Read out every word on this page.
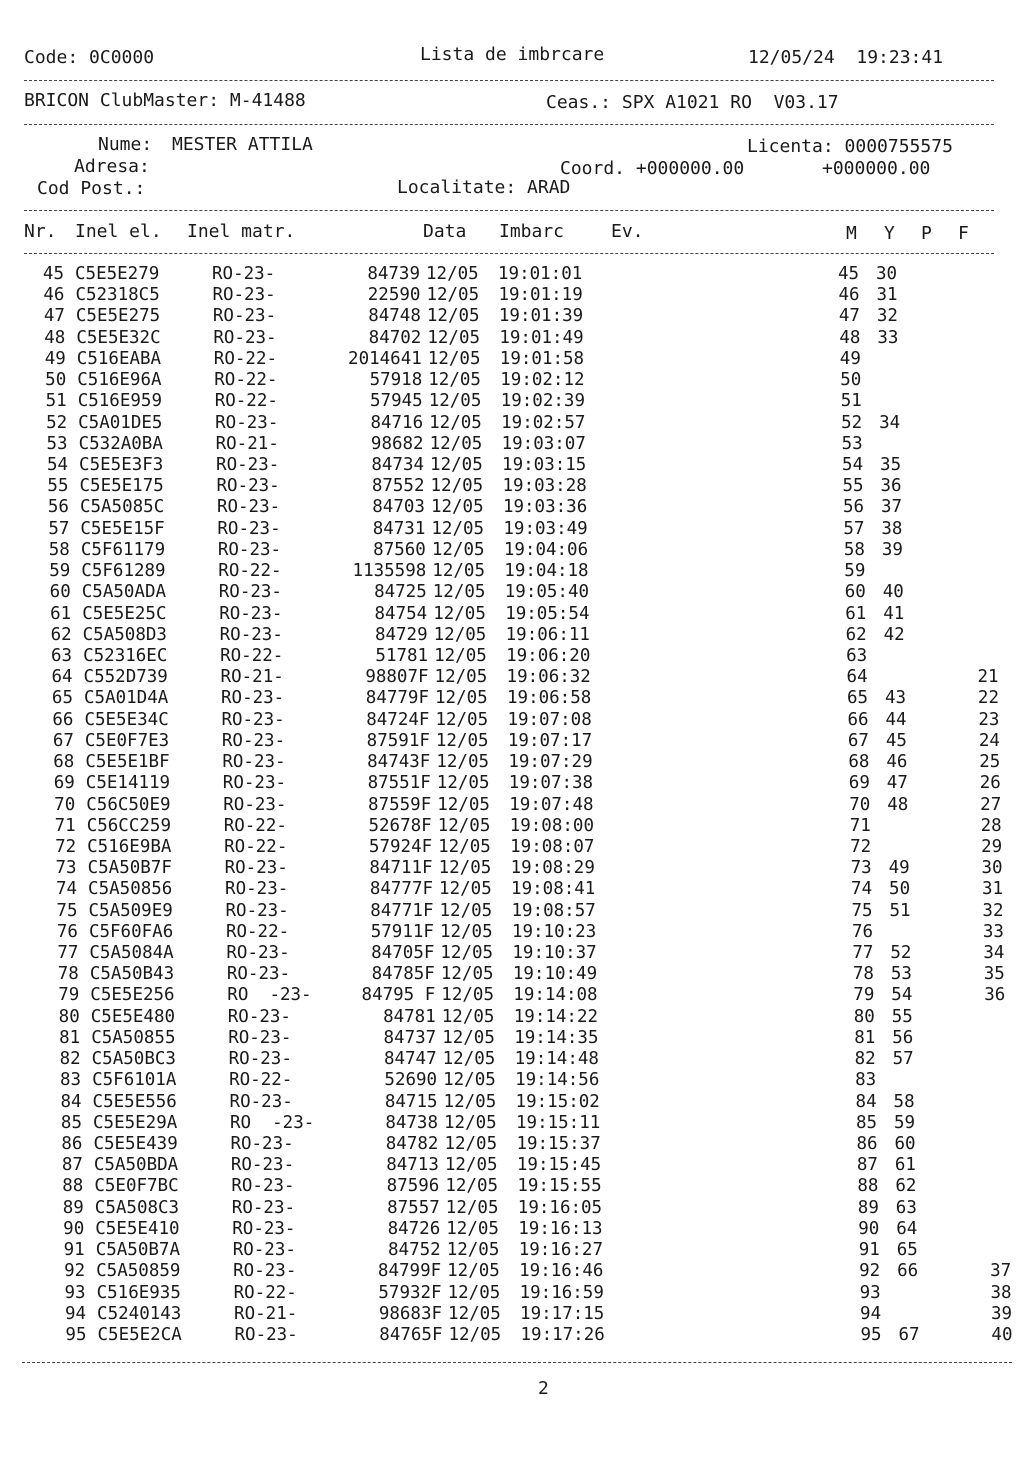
Code: 0C0000	Lista de imbrcare	12/05/24  19:23:41
BRICON ClubMaster: M-41488	Ceas.: SPX A1021 RO  V03.17
Nume: MESTER ATTILA	Licenta: 0000755575
Adresa:	Coord. +000000.00	+000000.00
Cod Post.:	Localitate: ARAD
Nr. Inel el. Inel matr.	Data Imbarc	Ev.	M Y P F
45 C5E5E279	RO-23-	84739 12/05	19:01:01	45 30
46 C52318C5	RO-23-	22590 12/05	19:01:19	46 31
47 C5E5E275	RO-23-	84748 12/05	19:01:39	47 32
48 C5E5E32C	RO-23-	84702 12/05	19:01:49	48 33
49 C516EABA	RO-22-	2014641 12/05	19:01:58	49
50 C516E96A	RO-22-	57918 12/05	19:02:12	50
51 C516E959	RO-22-	57945 12/05	19:02:39	51
52 C5A01DE5	RO-23-	84716 12/05	19:02:57	52 34
53 C532A0BA	RO-21-	98682 12/05	19:03:07	53
54 C5E5E3F3	RO-23-	84734 12/05	19:03:15	54 35
55 C5E5E175	RO-23-	87552 12/05	19:03:28	55 36
56 C5A5085C	RO-23-	84703 12/05	19:03:36	56 37
57 C5E5E15F	RO-23-	84731 12/05	19:03:49	57 38
58 C5F61179	RO-23-	87560 12/05	19:04:06	58 39
59 C5F61289	RO-22-	1135598 12/05	19:04:18	59
60 C5A50ADA	RO-23-	84725 12/05	19:05:40	60 40
61 C5E5E25C	RO-23-	84754 12/05	19:05:54	61 41
62 C5A508D3	RO-23-	84729 12/05	19:06:11	62 42
63 C52316EC	RO-22-	51781 12/05	19:06:20	63
64 C552D739	RO-21-	98807F 12/05	19:06:32	64	21
65 C5A01D4A	RO-23-	84779F 12/05	19:06:58	65 43	22
66 C5E5E34C	RO-23-	84724F 12/05	19:07:08	66 44	23
67 C5E0F7E3	RO-23-	87591F 12/05	19:07:17	67 45	24
68 C5E5E1BF	RO-23-	84743F 12/05	19:07:29	68 46	25
69 C5E14119	RO-23-	87551F 12/05	19:07:38	69 47	26
70 C56C50E9	RO-23-	87559F 12/05	19:07:48	70 48	27
71 C56CC259	RO-22-	52678F 12/05	19:08:00	71	28
72 C516E9BA	RO-22-	57924F 12/05	19:08:07	72	29
73 C5A50B7F	RO-23-	84711F 12/05	19:08:29	73 49	30
74 C5A50856	RO-23-	84777F 12/05	19:08:41	74 50	31
75 C5A509E9	RO-23-	84771F 12/05	19:08:57	75 51	32
76 C5F60FA6	RO-22-	57911F 12/05	19:10:23	76	33
77 C5A5084A	RO-23-	84705F 12/05	19:10:37	77 52	34
78 C5A50B43	RO-23-	84785F 12/05	19:10:49	78 53	35
79 C5E5E256	RO  -23-	84795 F 12/05	19:14:08	79 54	36
80 C5E5E480	RO-23-	84781 12/05	19:14:22	80 55
81 C5A50855	RO-23-	84737 12/05	19:14:35	81 56
82 C5A50BC3	RO-23-	84747 12/05	19:14:48	82 57
83 C5F6101A	RO-22-	52690 12/05	19:14:56	83
84 C5E5E556	RO-23-	84715 12/05	19:15:02	84 58
85 C5E5E29A	RO  -23-	84738 12/05	19:15:11	85 59
86 C5E5E439	RO-23-	84782 12/05	19:15:37	86 60
87 C5A50BDA	RO-23-	84713 12/05	19:15:45	87 61
88 C5E0F7BC	RO-23-	87596 12/05	19:15:55	88 62
89 C5A508C3	RO-23-	87557 12/05	19:16:05	89 63
90 C5E5E410	RO-23-	84726 12/05	19:16:13	90 64
91 C5A50B7A	RO-23-	84752 12/05	19:16:27	91 65
92 C5A50859	RO-23-	84799F 12/05	19:16:46	92 66	37
93 C516E935	RO-22-	57932F 12/05	19:16:59	93	38
94 C5240143	RO-21-	98683F 12/05	19:17:15	94	39
95 C5E5E2CA	RO-23-	84765F 12/05	19:17:26	95 67	40
2
